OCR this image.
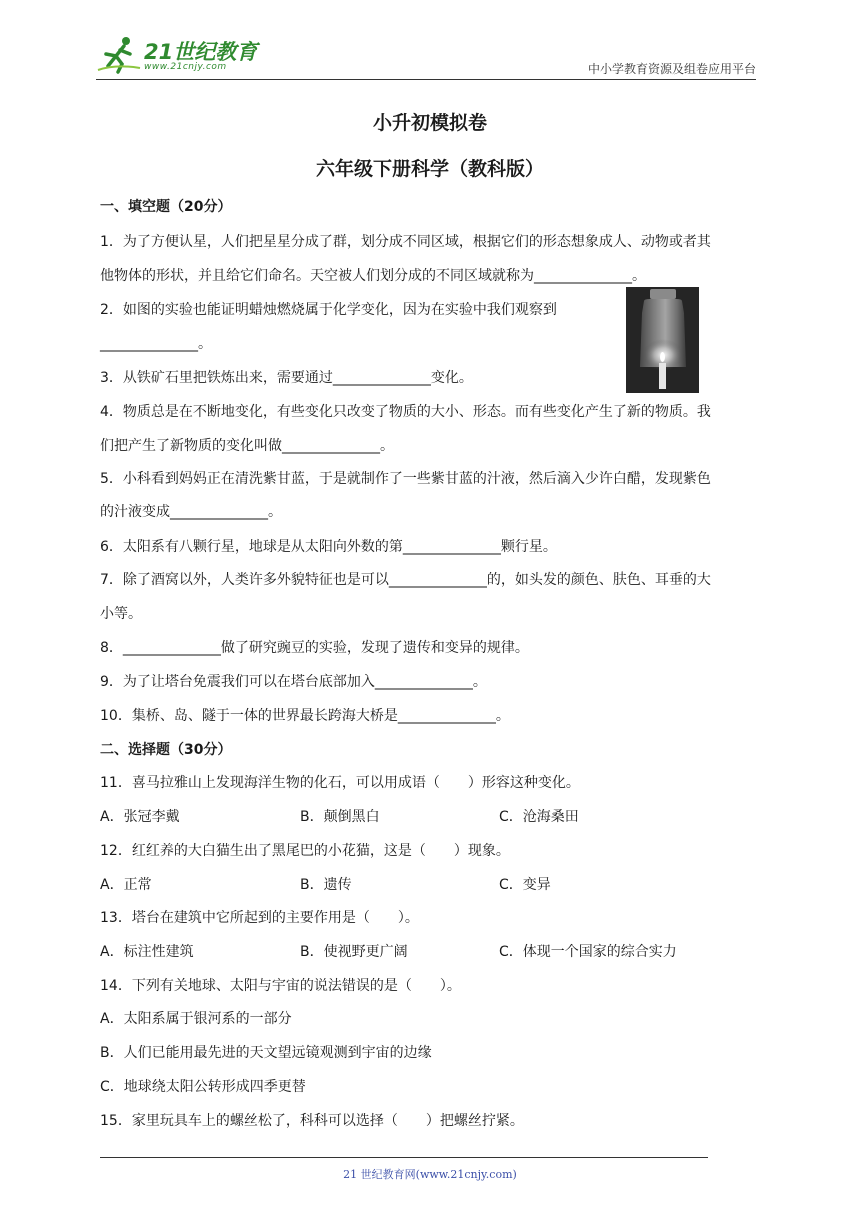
21世纪教育
www.21cnjy.com	中小学教育资源及组卷应用平台
小升初模拟卷
六年级下册科学（教科版）
一、填空题（20分）
1．为了方便认星，人们把星星分成了群，划分成不同区域，根据它们的形态想象成人、动物或者其
他物体的形状，并且给它们命名。天空被人们划分成的不同区域就称为______________。
2．如图的实验也能证明蜡烛燃烧属于化学变化，因为在实验中我们观察到
______________。
3．从铁矿石里把铁炼出来，需要通过______________变化。
4．物质总是在不断地变化，有些变化只改变了物质的大小、形态。而有些变化产生了新的物质。我
们把产生了新物质的变化叫做______________。
5．小科看到妈妈正在清洗紫甘蓝，于是就制作了一些紫甘蓝的汁液，然后滴入少许白醋，发现紫色
的汁液变成______________。
6．太阳系有八颗行星，地球是从太阳向外数的第______________颗行星。
7．除了酒窝以外，人类许多外貌特征也是可以______________的，如头发的颜色、肤色、耳垂的大
小等。
8．______________做了研究豌豆的实验，发现了遗传和变异的规律。
9．为了让塔台免震我们可以在塔台底部加入______________。
10．集桥、岛、隧于一体的世界最长跨海大桥是______________。
二、选择题（30分）
11．喜马拉雅山上发现海洋生物的化石，可以用成语（　　）形容这种变化。
A．张冠李戴	B．颠倒黑白	C．沧海桑田
12．红红养的大白猫生出了黑尾巴的小花猫，这是（　　）现象。
A．正常	B．遗传	C．变异
13．塔台在建筑中它所起到的主要作用是（　　）。
A．标注性建筑	B．使视野更广阔	C．体现一个国家的综合实力
14．下列有关地球、太阳与宇宙的说法错误的是（　　）。
A．太阳系属于银河系的一部分
B．人们已能用最先进的天文望远镜观测到宇宙的边缘
C．地球绕太阳公转形成四季更替
15．家里玩具车上的螺丝松了，科科可以选择（　　）把螺丝拧紧。
21 世纪教育网(www.21cnjy.com)
